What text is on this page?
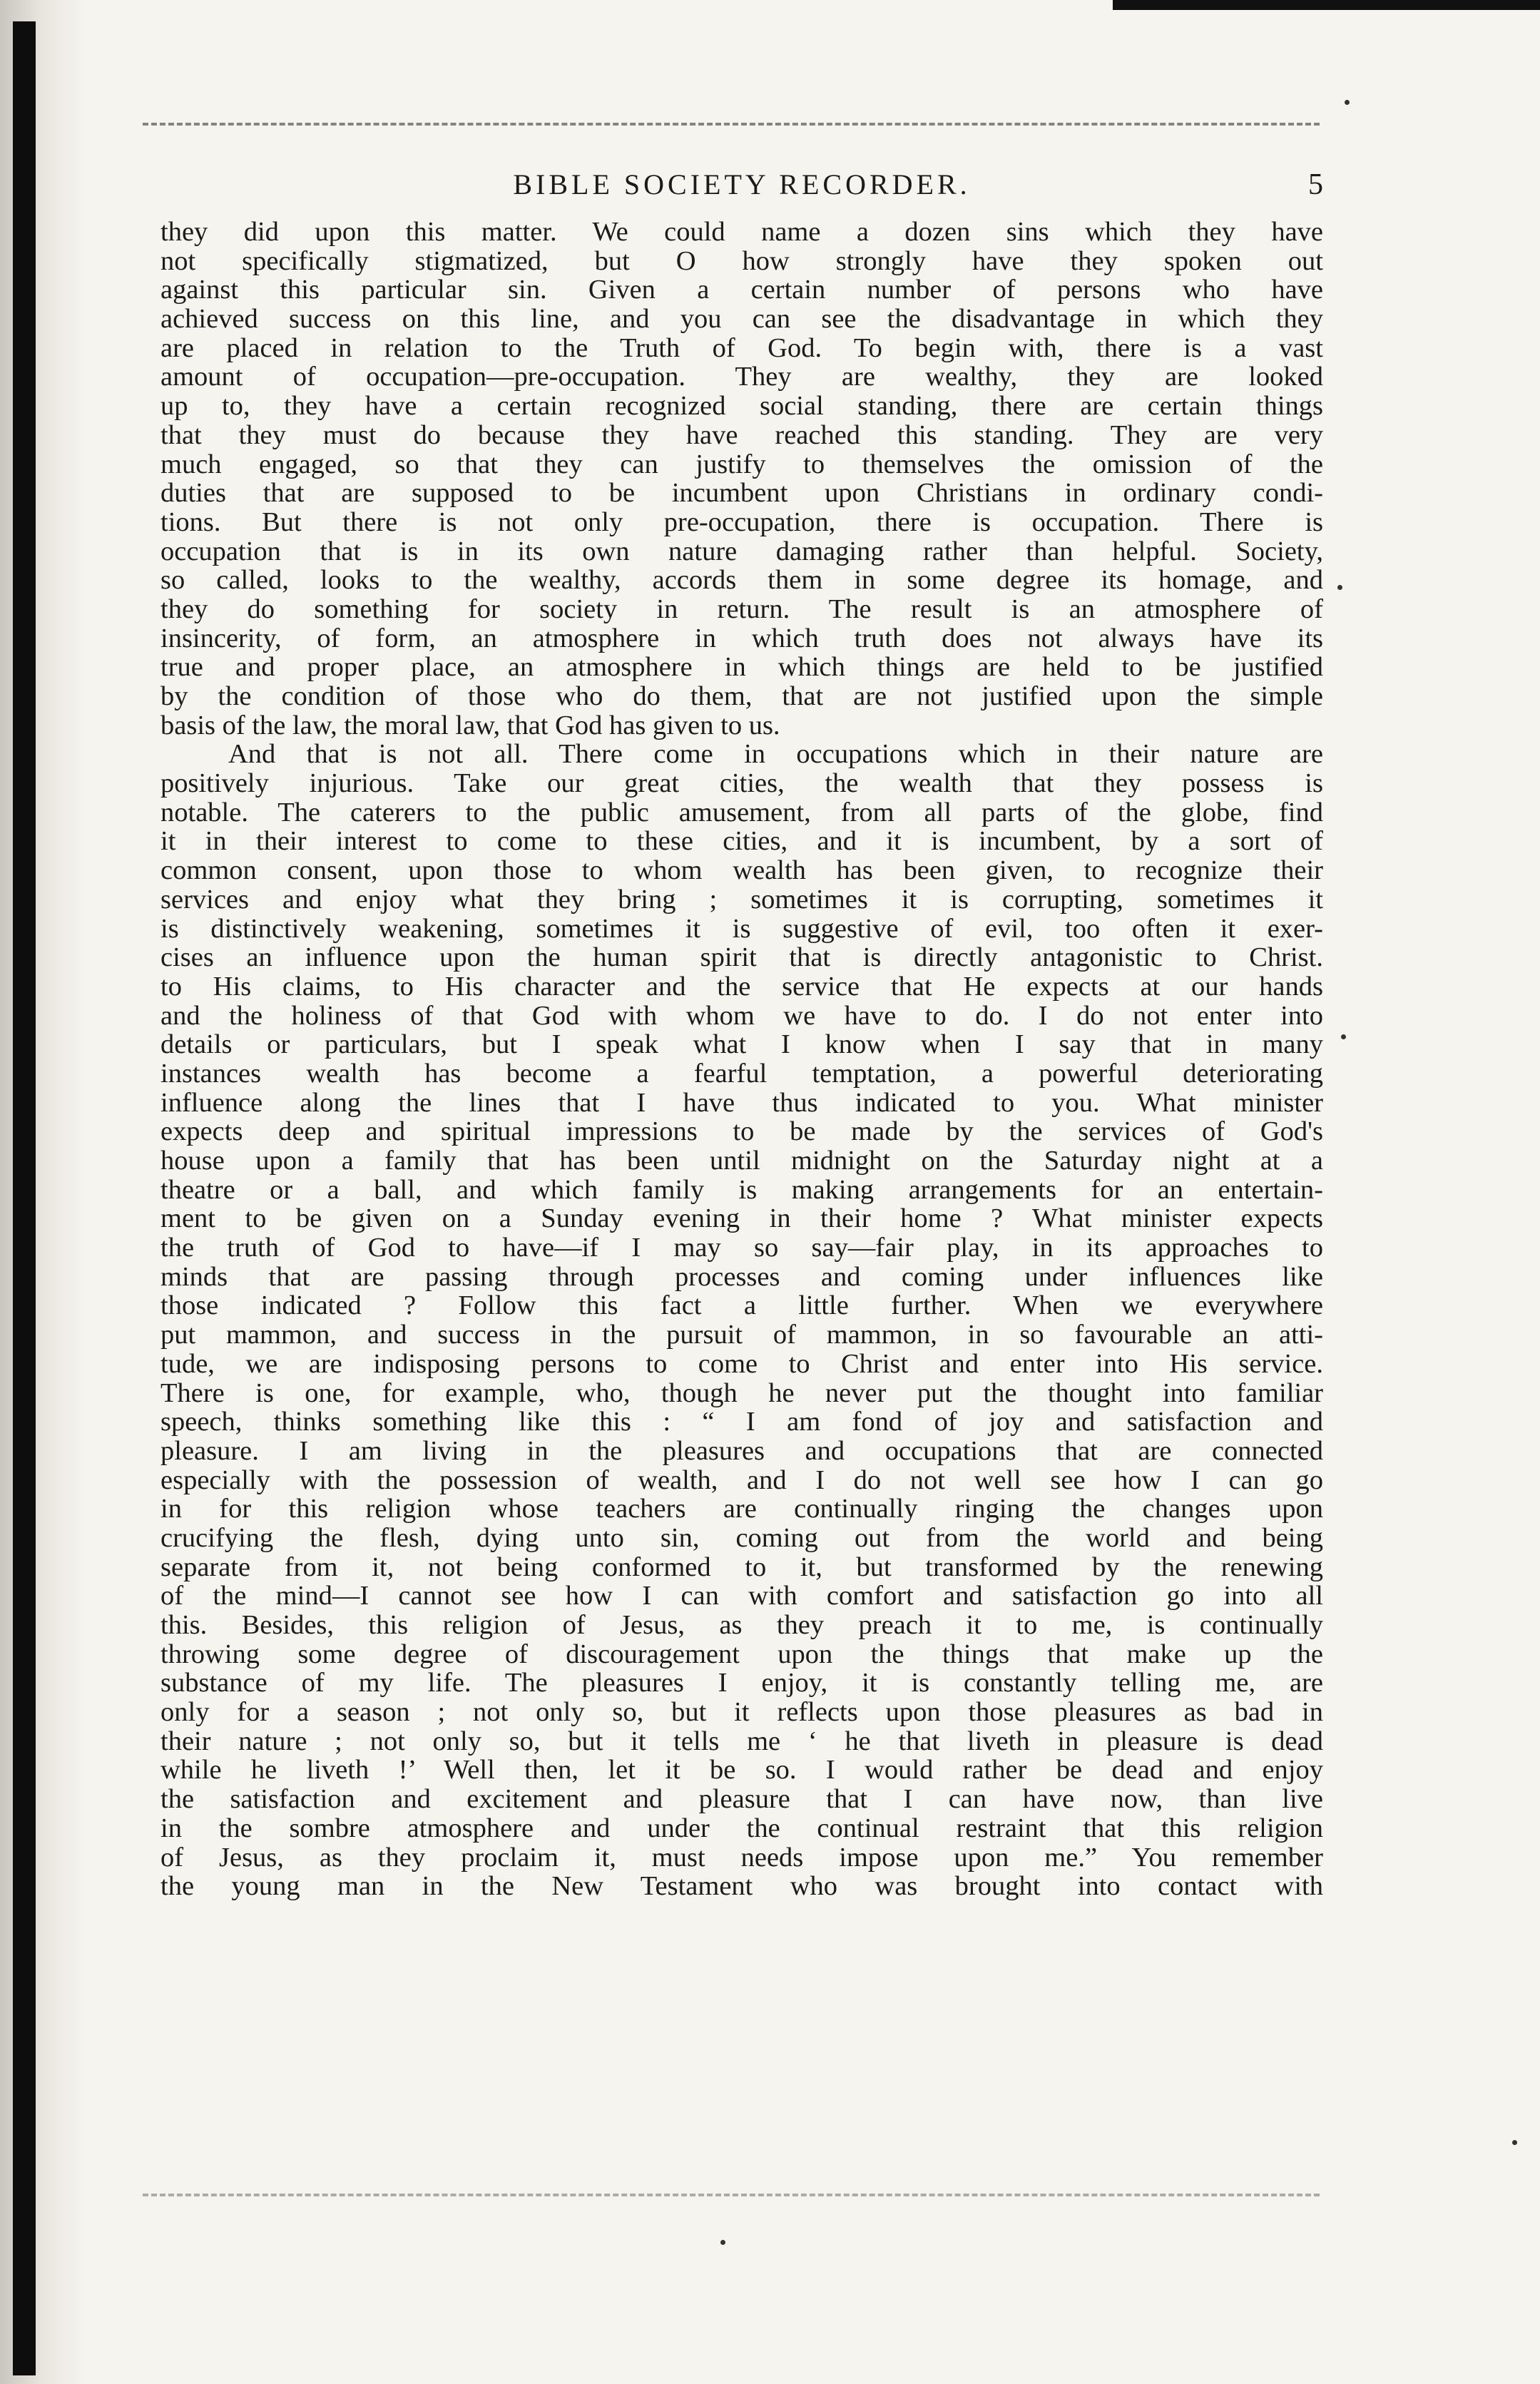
BIBLE SOCIETY RECORDER.	5
they did upon this matter. We could name a dozen sins which they have
not specifically stigmatized, but O how strongly have they spoken out
against this particular sin. Given a certain number of persons who have
achieved success on this line, and you can see the disadvantage in which they
are placed in relation to the Truth of God. To begin with, there is a vast
amount of occupation—pre-occupation. They are wealthy, they are looked
up to, they have a certain recognized social standing, there are certain things
that they must do because they have reached this standing. They are very
much engaged, so that they can justify to themselves the omission of the
duties that are supposed to be incumbent upon Christians in ordinary condi-
tions. But there is not only pre-occupation, there is occupation. There is
occupation that is in its own nature damaging rather than helpful. Society,
so called, looks to the wealthy, accords them in some degree its homage, and
they do something for society in return. The result is an atmosphere of
insincerity, of form, an atmosphere in which truth does not always have its
true and proper place, an atmosphere in which things are held to be justified
by the condition of those who do them, that are not justified upon the simple
basis of the law, the moral law, that God has given to us.
And that is not all. There come in occupations which in their nature are
positively injurious. Take our great cities, the wealth that they possess is
notable. The caterers to the public amusement, from all parts of the globe, find
it in their interest to come to these cities, and it is incumbent, by a sort of
common consent, upon those to whom wealth has been given, to recognize their
services and enjoy what they bring ; sometimes it is corrupting, sometimes it
is distinctively weakening, sometimes it is suggestive of evil, too often it exer-
cises an influence upon the human spirit that is directly antagonistic to Christ.
to His claims, to His character and the service that He expects at our hands
and the holiness of that God with whom we have to do. I do not enter into
details or particulars, but I speak what I know when I say that in many
instances wealth has become a fearful temptation, a powerful deteriorating
influence along the lines that I have thus indicated to you. What minister
expects deep and spiritual impressions to be made by the services of God's
house upon a family that has been until midnight on the Saturday night at a
theatre or a ball, and which family is making arrangements for an entertain-
ment to be given on a Sunday evening in their home ? What minister expects
the truth of God to have—if I may so say—fair play, in its approaches to
minds that are passing through processes and coming under influences like
those indicated ? Follow this fact a little further. When we everywhere
put mammon, and success in the pursuit of mammon, in so favourable an atti-
tude, we are indisposing persons to come to Christ and enter into His service.
There is one, for example, who, though he never put the thought into familiar
speech, thinks something like this : “ I am fond of joy and satisfaction and
pleasure. I am living in the pleasures and occupations that are connected
especially with the possession of wealth, and I do not well see how I can go
in for this religion whose teachers are continually ringing the changes upon
crucifying the flesh, dying unto sin, coming out from the world and being
separate from it, not being conformed to it, but transformed by the renewing
of the mind—I cannot see how I can with comfort and satisfaction go into all
this. Besides, this religion of Jesus, as they preach it to me, is continually
throwing some degree of discouragement upon the things that make up the
substance of my life. The pleasures I enjoy, it is constantly telling me, are
only for a season ; not only so, but it reflects upon those pleasures as bad in
their nature ; not only so, but it tells me ‘ he that liveth in pleasure is dead
while he liveth !’ Well then, let it be so. I would rather be dead and enjoy
the satisfaction and excitement and pleasure that I can have now, than live
in the sombre atmosphere and under the continual restraint that this religion
of Jesus, as they proclaim it, must needs impose upon me.” You remember
the young man in the New Testament who was brought into contact with
